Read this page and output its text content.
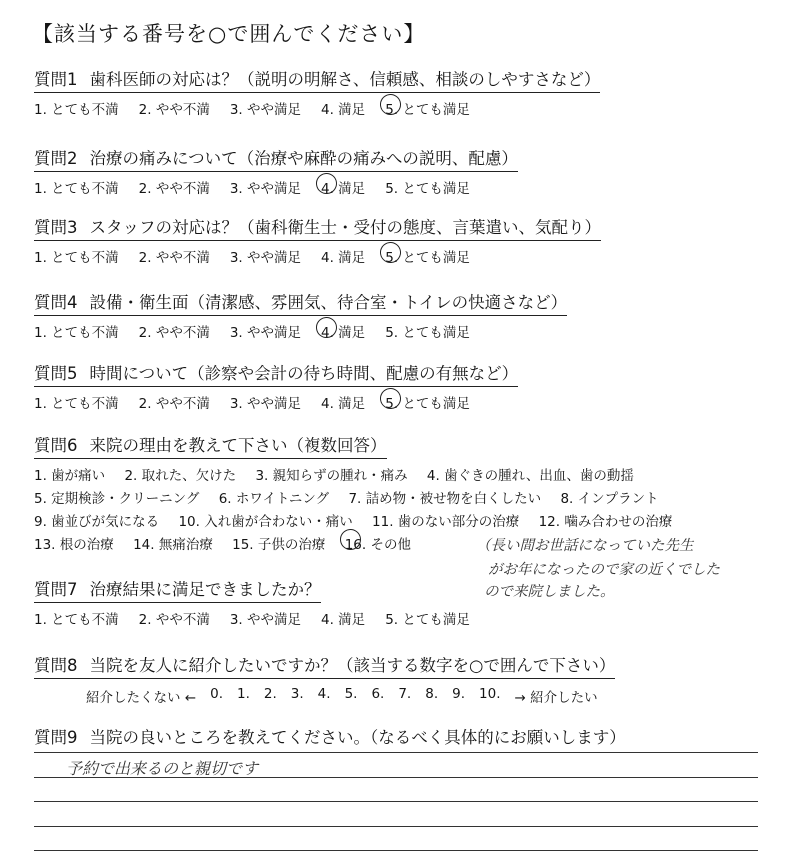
【該当する番号を○で囲んでください】
質問1 歯科医師の対応は？（説明の明解さ、信頼感、相談のしやすさなど）
1. とても不満 2. やや不満 3. やや満足 4. 満足 5. とても満足
質問2 治療の痛みについて（治療や麻酔の痛みへの説明、配慮）
1. とても不満 2. やや不満 3. やや満足 4. 満足 5. とても満足
質問3 スタッフの対応は？（歯科衛生士・受付の態度、言葉遣い、気配り）
1. とても不満 2. やや不満 3. やや満足 4. 満足 5. とても満足
質問4 設備・衛生面（清潔感、雰囲気、待合室・トイレの快適さなど）
1. とても不満 2. やや不満 3. やや満足 4. 満足 5. とても満足
質問5 時間について（診察や会計の待ち時間、配慮の有無など）
1. とても不満 2. やや不満 3. やや満足 4. 満足 5. とても満足
質問6 来院の理由を教えて下さい（複数回答）
1. 歯が痛い 2. 取れた、欠けた 3. 親知らずの腫れ・痛み 4. 歯ぐきの腫れ、出血、歯の動揺
5. 定期検診・クリーニング 6. ホワイトニング 7. 詰め物・被せ物を白くしたい 8. インプラント
9. 歯並びが気になる 10. 入れ歯が合わない・痛い 11. 歯のない部分の治療 12. 噛み合わせの治療
13. 根の治療 14. 無痛治療 15. 子供の治療 16. その他	（長い間お世話になっていた先生
がお年になったので家の近くでした
ので来院しました。
質問7 治療結果に満足できましたか？
1. とても不満 2. やや不満 3. やや満足 4. 満足 5. とても満足
質問8 当院を友人に紹介したいですか？（該当する数字を○で囲んで下さい）
紹介したくない ← 0. 1. 2. 3. 4. 5. 6. 7. 8. 9. 10. → 紹介したい
質問9 当院の良いところを教えてください。（なるべく具体的にお願いします）
予約で出来るのと親切です
